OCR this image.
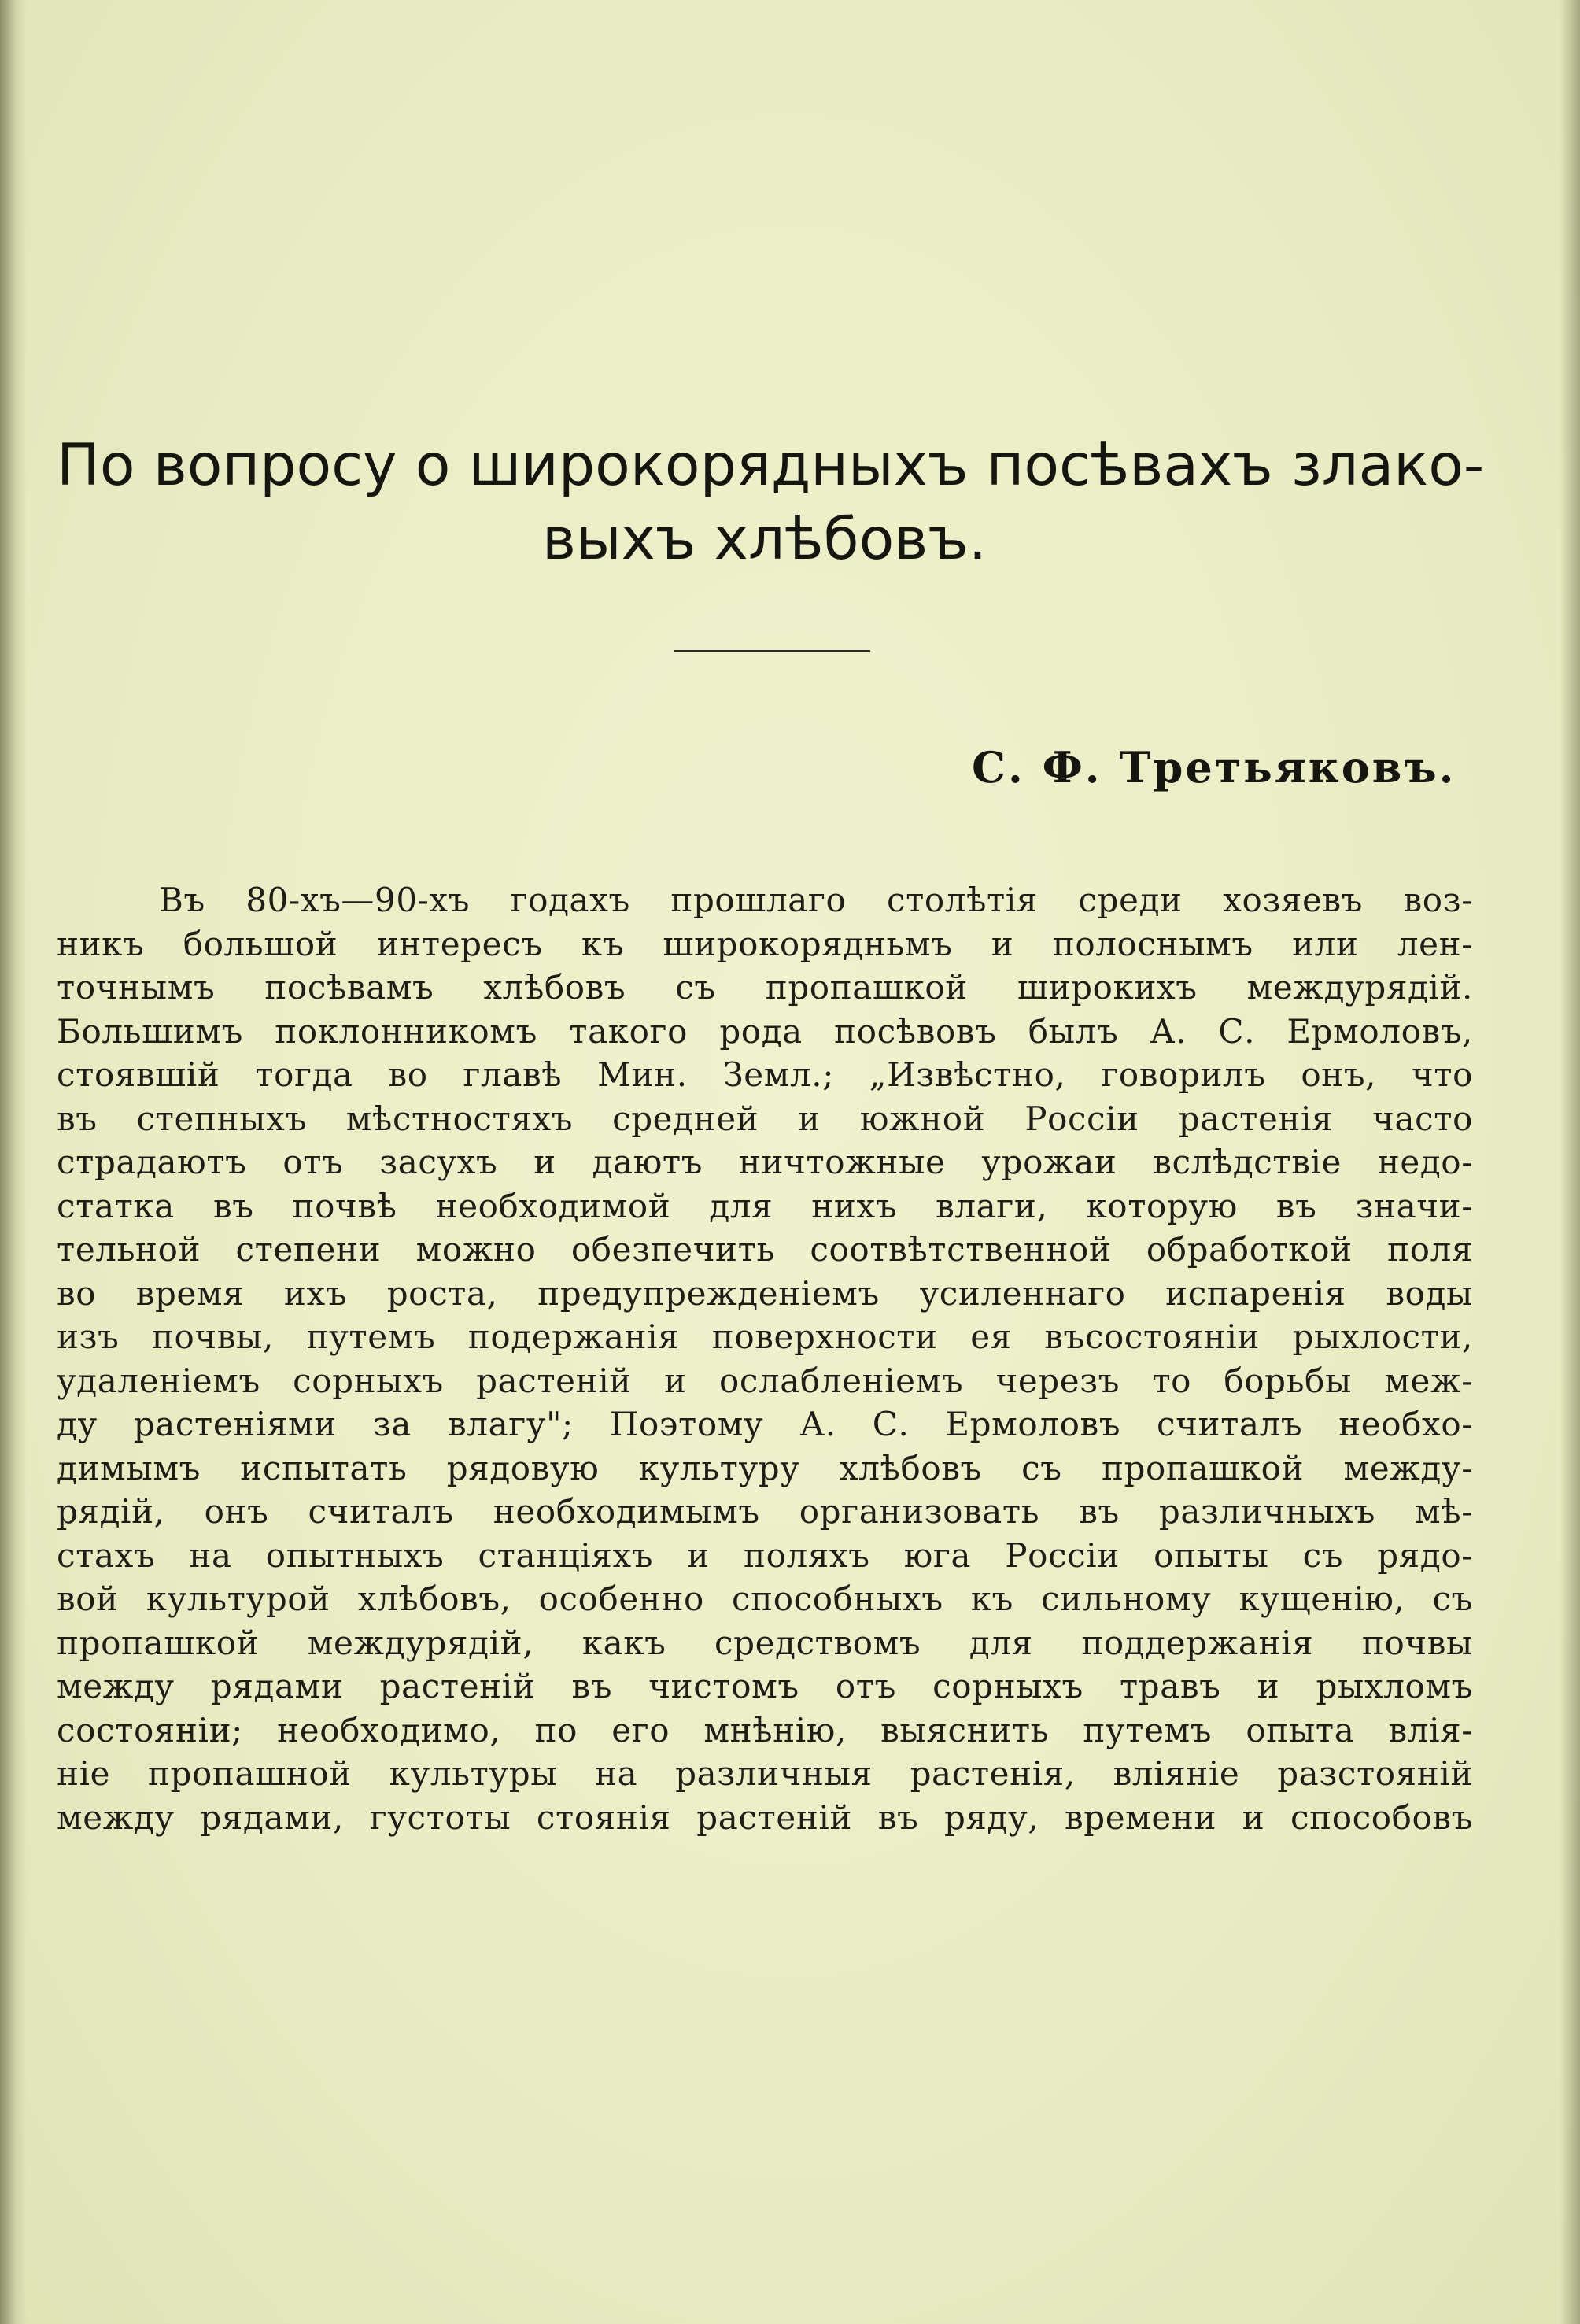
По вопросу о широкорядныхъ посѣвахъ злако-
выхъ хлѣбовъ.
С. Ф. Третьяковъ.
Въ 80-хъ—90-хъ годахъ прошлаго столѣтія среди хозяевъ воз-
никъ большой интересъ къ широкорядньмъ и полоснымъ или лен-
точнымъ посѣвамъ хлѣбовъ съ пропашкой широкихъ междурядій.
Большимъ поклонникомъ такого рода посѣвовъ былъ А. С. Ермоловъ,
стоявшій тогда во главѣ Мин. Земл.; „Извѣстно, говорилъ онъ, что
въ степныхъ мѣстностяхъ средней и южной Россіи растенія часто
страдаютъ отъ засухъ и даютъ ничтожные урожаи вслѣдствіе недо-
статка въ почвѣ необходимой для нихъ влаги, которую въ значи-
тельной степени можно обезпечить соотвѣтственной обработкой поля
во время ихъ роста, предупрежденіемъ усиленнаго испаренія воды
изъ почвы, путемъ подержанія поверхности ея въсостояніи рыхлости,
удаленіемъ сорныхъ растеній и ослабленіемъ черезъ то борьбы меж-
ду растеніями за влагу"; Поэтому А. С. Ермоловъ считалъ необхо-
димымъ испытать рядовую культуру хлѣбовъ съ пропашкой между-
рядій, онъ считалъ необходимымъ организовать въ различныхъ мѣ-
стахъ на опытныхъ станціяхъ и поляхъ юга Россіи опыты съ рядо-
вой культурой хлѣбовъ, особенно способныхъ къ сильному кущенію, съ
пропашкой междурядій, какъ средствомъ для поддержанія почвы
между рядами растеній въ чистомъ отъ сорныхъ травъ и рыхломъ
состояніи; необходимо, по его мнѣнію, выяснить путемъ опыта влія-
ніе пропашной культуры на различныя растенія, вліяніе разстояній
между рядами, густоты стоянія растеній въ ряду, времени и способовъ
